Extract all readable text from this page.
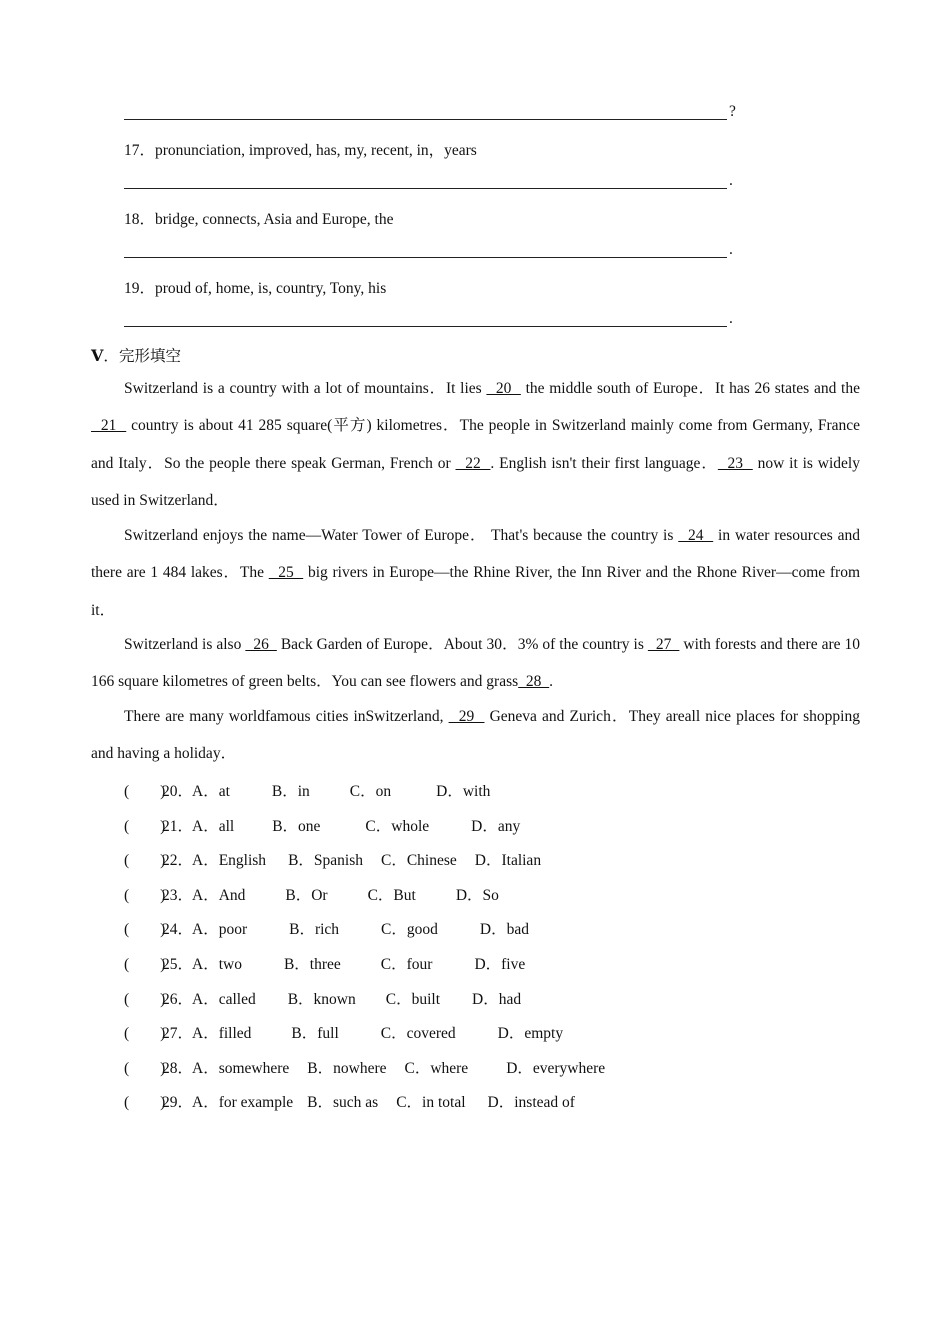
?
17．pronunciation, improved, has, my, recent, in，years
.
18．bridge, connects, Asia and Europe, the
.
19．proud of, home, is, country, Tony, his
.
Ⅴ．完形填空
Switzerland is a country with a lot of mountains．It lies   20   the middle south of Europe．It has 26 states and the   21   country is about 41 285 square(平方) kilometres．The people in Switzerland mainly come from Germany, France and Italy．So the people there speak German, French or   22  . English isn't their first language．  23   now it is widely used in Switzerland．
Switzerland enjoys the name—Water Tower of Europe． That's because the country is   24   in water resources and there are 1 484 lakes．The   25   big rivers in Europe—the Rhine River, the Inn River and the Rhone River—come from it．
Switzerland is also   26   Back Garden of Europe．About 30．3% of the country is   27   with forests and there are 10 166 square kilometres of green belts．You can see flowers and grass  28  .
There are many worldfamous cities inSwitzerland,   29   Geneva and Zurich．They areall nice places for shopping and having a holiday．
(　　)20．A．at	B．in	C．on	D．with
(　　)21．A．all B．one	C．whole	D．any
(　　)22．A．English B．Spanish C．Chinese D．Italian
(　　)23．A．And	B．Or	C．But	D．So
(　　)24．A．poor	B．rich	C．good	D．bad
(　　)25．A．two	B．three	C．four	D．five
(　　)26．A．called B．known C．built D．had
(　　)27．A．filled	B．full	C．covered	D．empty
(　　)28．A．somewhere B．nowhere C．where D．everywhere
(　　)29．A．for example B．such as C．in total D．instead of
